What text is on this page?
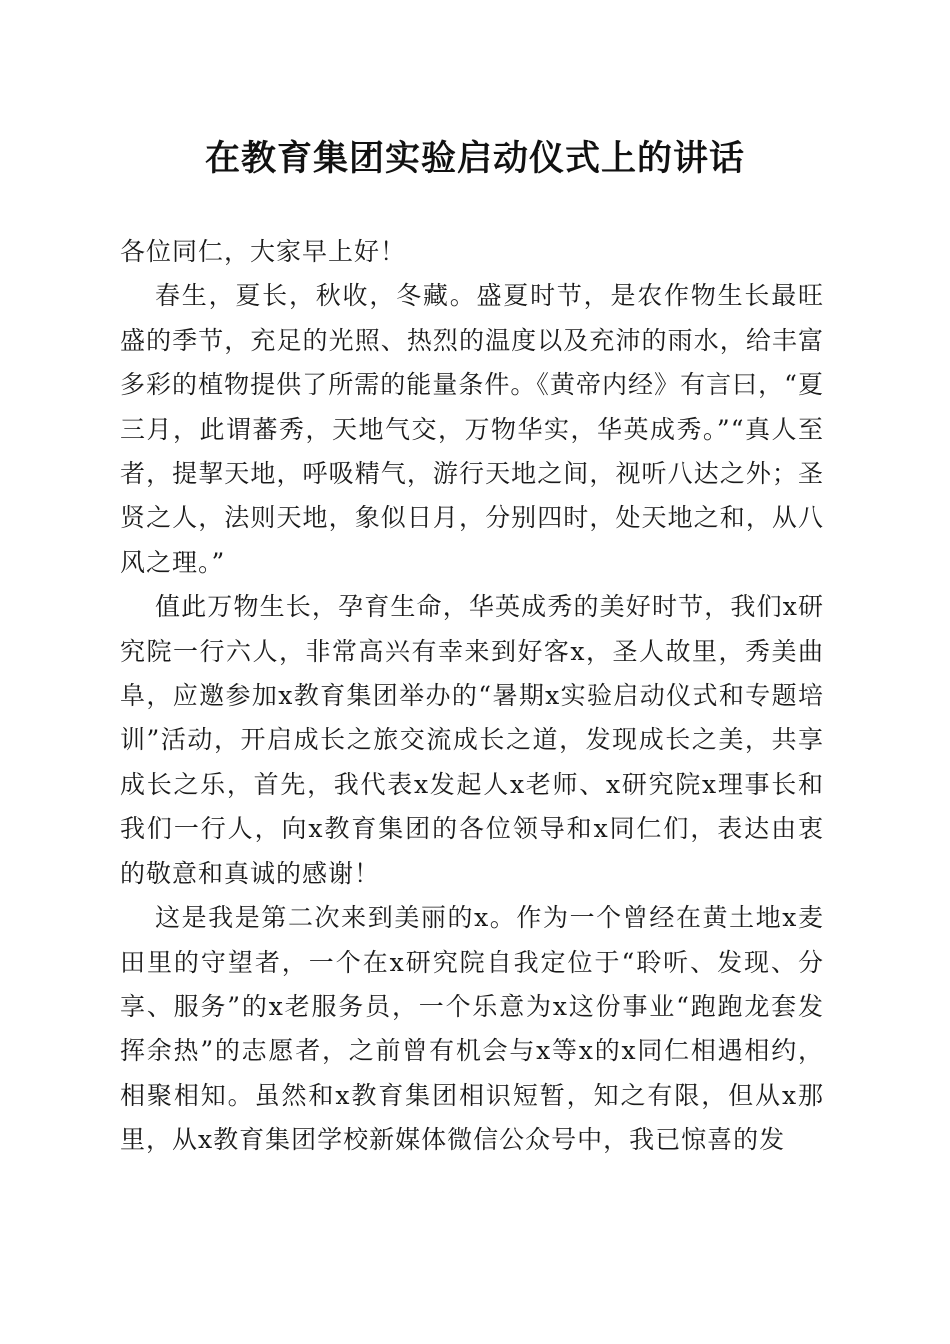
在教育集团实验启动仪式上的讲话

各位同仁，大家早上好！

春生，夏长，秋收，冬藏。盛夏时节，是农作物生长最旺盛的季节，充足的光照、热烈的温度以及充沛的雨水，给丰富多彩的植物提供了所需的能量条件。《黄帝内经》有言曰，“夏三月，此谓蕃秀，天地气交，万物华实，华英成秀。”“真人至者，提挈天地，呼吸精气，游行天地之间，视听八达之外；圣贤之人，法则天地，象似日月，分别四时，处天地之和，从八风之理。”

值此万物生长，孕育生命，华英成秀的美好时节，我们x研究院一行六人，非常高兴有幸来到好客x，圣人故里，秀美曲阜，应邀参加x教育集团举办的“暑期x实验启动仪式和专题培训”活动，开启成长之旅交流成长之道，发现成长之美，共享成长之乐，首先，我代表x发起人x老师、x研究院x理事长和我们一行人，向x教育集团的各位领导和x同仁们，表达由衷的敬意和真诚的感谢！

这是我是第二次来到美丽的x。作为一个曾经在黄土地x麦田里的守望者，一个在x研究院自我定位于“聆听、发现、分享、服务”的x老服务员，一个乐意为x这份事业“跑跑龙套发挥余热”的志愿者，之前曾有机会与x等x的x同仁相遇相约，相聚相知。虽然和x教育集团相识短暂，知之有限，但从x那里，从x教育集团学校新媒体微信公众号中，我已惊喜的发
